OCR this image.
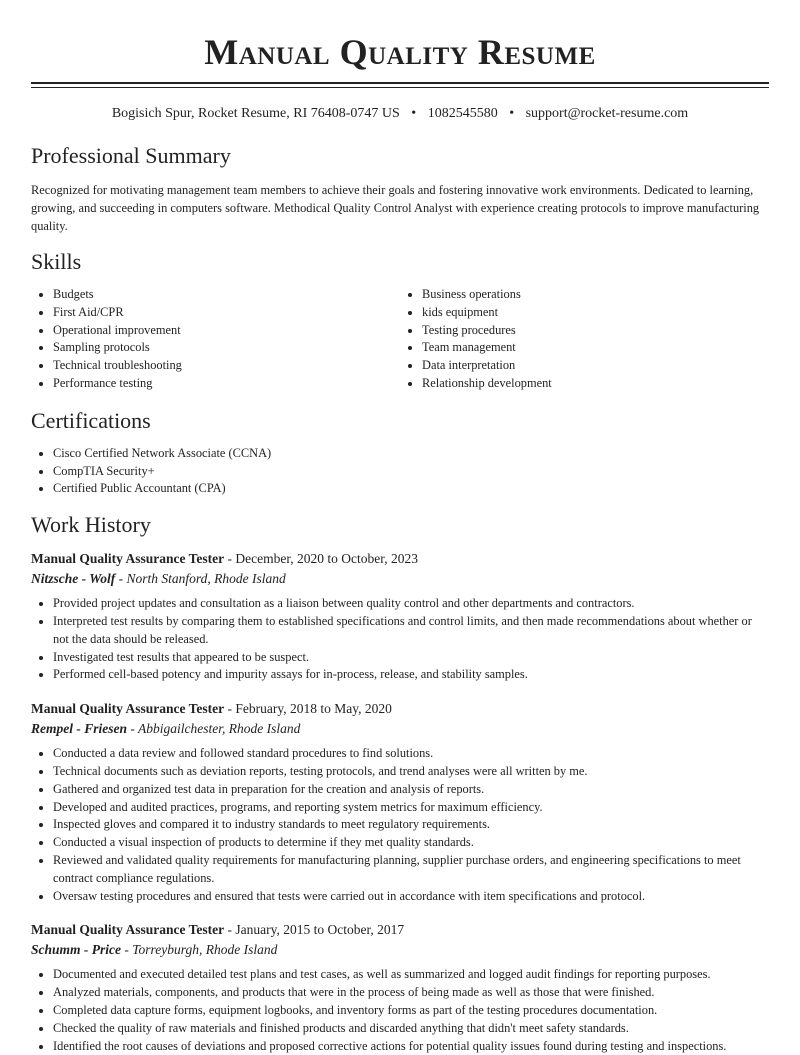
Manual Quality Resume
Bogisich Spur, Rocket Resume, RI 76408-0747 US • 1082545580 • support@rocket-resume.com
Professional Summary

Recognized for motivating management team members to achieve their goals and fostering innovative work environments. Dedicated to learning, growing, and succeeding in computers software. Methodical Quality Control Analyst with experience creating protocols to improve manufacturing quality.

Skills
• Budgets
• First Aid/CPR
• Operational improvement
• Sampling protocols
• Technical troubleshooting
• Performance testing
• Business operations
• kids equipment
• Testing procedures
• Team management
• Data interpretation
• Relationship development
Certifications
• Cisco Certified Network Associate (CCNA)
• CompTIA Security+
• Certified Public Accountant (CPA)
Work History
Manual Quality Assurance Tester - December, 2020 to October, 2023
Nitzsche - Wolf - North Stanford, Rhode Island
• Provided project updates and consultation as a liaison between quality control and other departments and contractors.
• Interpreted test results by comparing them to established specifications and control limits, and then made recommendations about whether or not the data should be released.
• Investigated test results that appeared to be suspect.
• Performed cell-based potency and impurity assays for in-process, release, and stability samples.
Manual Quality Assurance Tester - February, 2018 to May, 2020
Rempel - Friesen - Abbigailchester, Rhode Island
• Conducted a data review and followed standard procedures to find solutions.
• Technical documents such as deviation reports, testing protocols, and trend analyses were all written by me.
• Gathered and organized test data in preparation for the creation and analysis of reports.
• Developed and audited practices, programs, and reporting system metrics for maximum efficiency.
• Inspected gloves and compared it to industry standards to meet regulatory requirements.
• Conducted a visual inspection of products to determine if they met quality standards.
• Reviewed and validated quality requirements for manufacturing planning, supplier purchase orders, and engineering specifications to meet contract compliance regulations.
• Oversaw testing procedures and ensured that tests were carried out in accordance with item specifications and protocol.
Manual Quality Assurance Tester - January, 2015 to October, 2017
Schumm - Price - Torreyburgh, Rhode Island
• Documented and executed detailed test plans and test cases, as well as summarized and logged audit findings for reporting purposes.
• Analyzed materials, components, and products that were in the process of being made as well as those that were finished.
• Completed data capture forms, equipment logbooks, and inventory forms as part of the testing procedures documentation.
• Checked the quality of raw materials and finished products and discarded anything that didn't meet safety standards.
• Identified the root causes of deviations and proposed corrective actions for potential quality issues found during testing and inspections.
